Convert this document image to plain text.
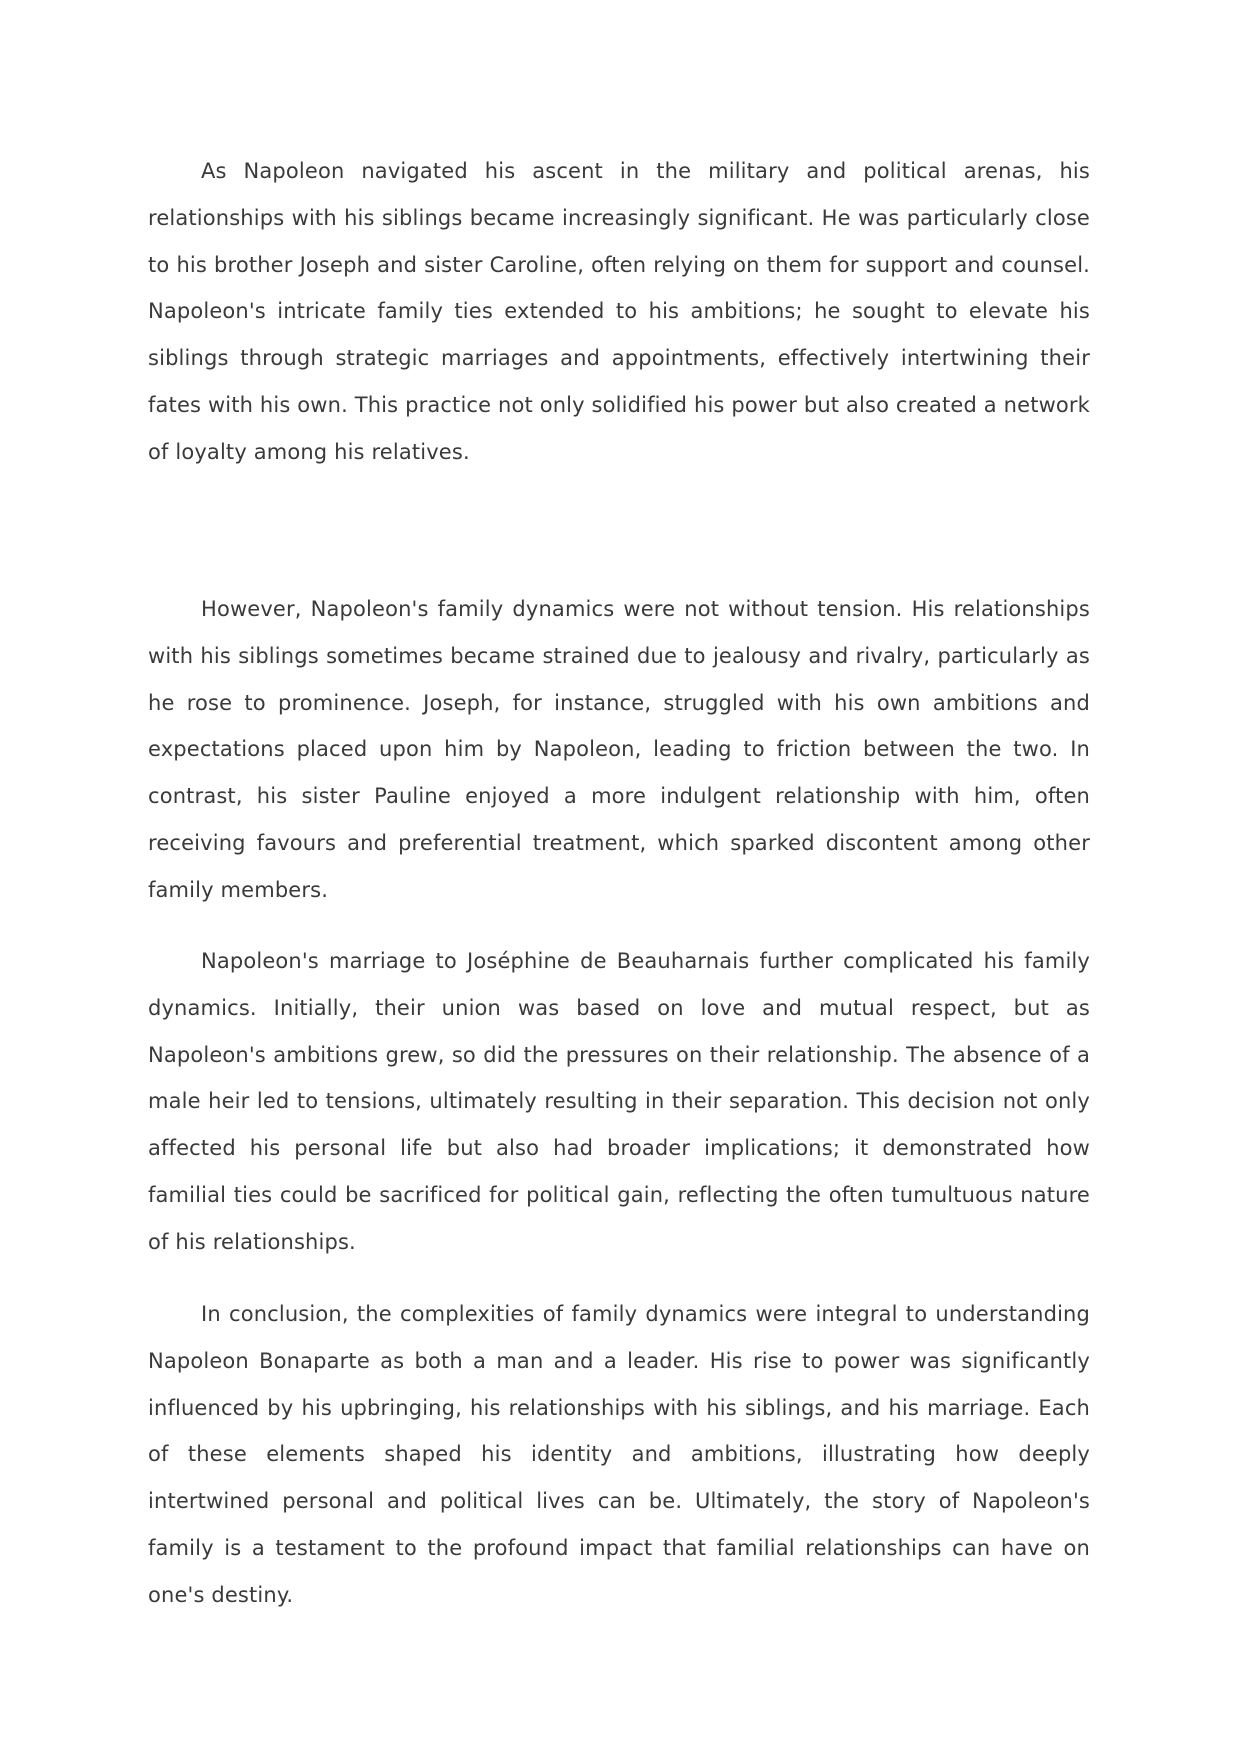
As Napoleon navigated his ascent in the military and political arenas, his relationships with his siblings became increasingly significant. He was particularly close to his brother Joseph and sister Caroline, often relying on them for support and counsel. Napoleon's intricate family ties extended to his ambitions; he sought to elevate his siblings through strategic marriages and appointments, effectively intertwining their fates with his own. This practice not only solidified his power but also created a network of loyalty among his relatives.

However, Napoleon's family dynamics were not without tension. His relationships with his siblings sometimes became strained due to jealousy and rivalry, particularly as he rose to prominence. Joseph, for instance, struggled with his own ambitions and expectations placed upon him by Napoleon, leading to friction between the two. In contrast, his sister Pauline enjoyed a more indulgent relationship with him, often receiving favours and preferential treatment, which sparked discontent among other family members.

Napoleon's marriage to Joséphine de Beauharnais further complicated his family dynamics. Initially, their union was based on love and mutual respect, but as Napoleon's ambitions grew, so did the pressures on their relationship. The absence of a male heir led to tensions, ultimately resulting in their separation. This decision not only affected his personal life but also had broader implications; it demonstrated how familial ties could be sacrificed for political gain, reflecting the often tumultuous nature of his relationships.

In conclusion, the complexities of family dynamics were integral to understanding Napoleon Bonaparte as both a man and a leader. His rise to power was significantly influenced by his upbringing, his relationships with his siblings, and his marriage. Each of these elements shaped his identity and ambitions, illustrating how deeply intertwined personal and political lives can be. Ultimately, the story of Napoleon's family is a testament to the profound impact that familial relationships can have on one's destiny.
